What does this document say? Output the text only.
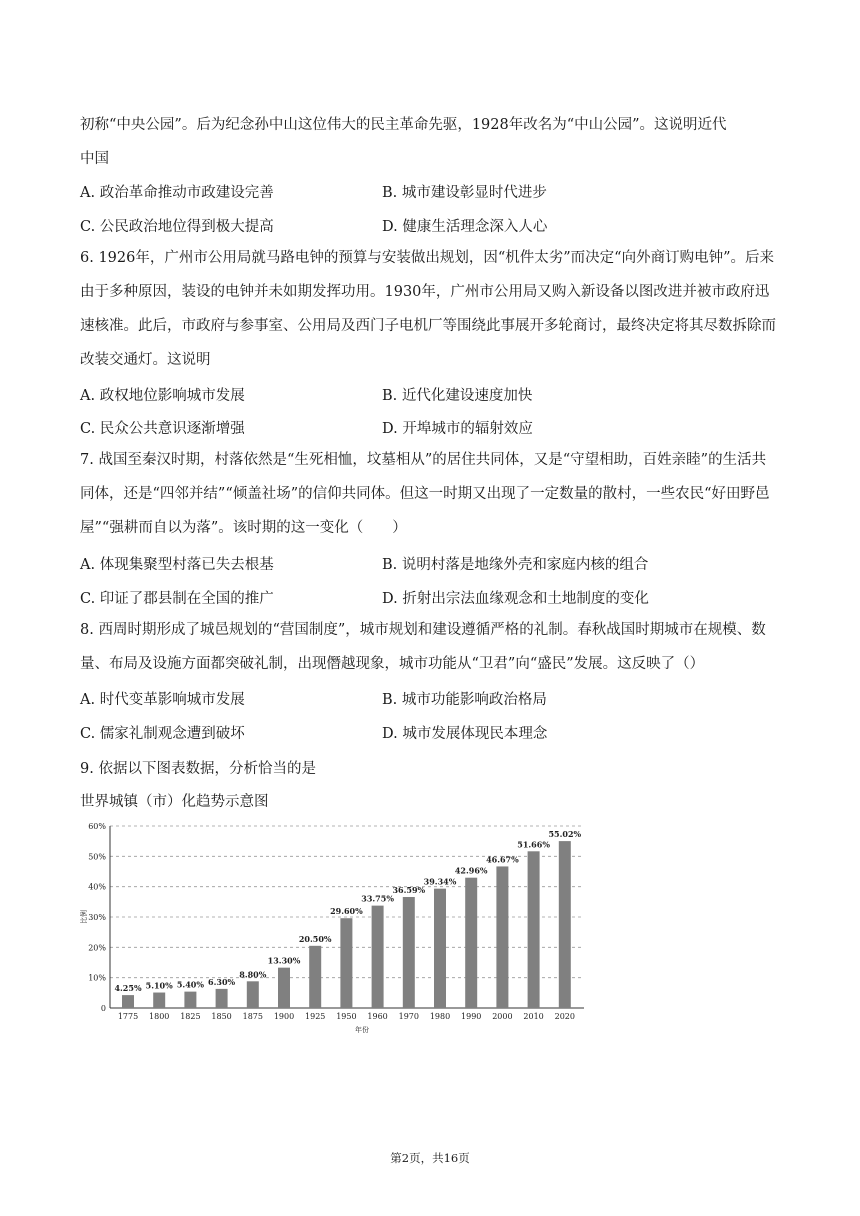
初称“中央公园”。后为纪念孙中山这位伟大的民主革命先驱，1928年改名为“中山公园”。这说明近代
中国
A. 政治革命推动市政建设完善	B. 城市建设彰显时代进步
C. 公民政治地位得到极大提高	D. 健康生活理念深入人心
6. 1926年，广州市公用局就马路电钟的预算与安装做出规划，因“机件太劣”而决定“向外商订购电钟”。后来由于多种原因，装设的电钟并未如期发挥功用。1930年，广州市公用局又购入新设备以图改进并被市政府迅速核准。此后，市政府与参事室、公用局及西门子电机厂等围绕此事展开多轮商讨，最终决定将其尽数拆除而改装交通灯。这说明
A. 政权地位影响城市发展	B. 近代化建设速度加快
C. 民众公共意识逐渐增强	D. 开埠城市的辐射效应
7. 战国至秦汉时期，村落依然是“生死相恤，坟墓相从”的居住共同体，又是“守望相助，百姓亲睦”的生活共同体，还是“四邻并结”“倾盖社场”的信仰共同体。但这一时期又出现了一定数量的散村，一些农民“好田野邑屋”“强耕而自以为落”。该时期的这一变化（　　）
A. 体现集聚型村落已失去根基	B. 说明村落是地缘外壳和家庭内核的组合
C. 印证了郡县制在全国的推广	D. 折射出宗法血缘观念和土地制度的变化
8. 西周时期形成了城邑规划的“营国制度”，城市规划和建设遵循严格的礼制。春秋战国时期城市在规模、数量、布局及设施方面都突破礼制，出现僭越现象，城市功能从“卫君”向“盛民”发展。这反映了（）
A. 时代变革影响城市发展	B. 城市功能影响政治格局
C. 儒家礼制观念遭到破坏	D. 城市发展体现民本理念
9. 依据以下图表数据，分析恰当的是
世界城镇（市）化趋势示意图
0
10%
20%
30%
40%
50%
60%
4.25%
1775
5.10%
1800
5.40%
1825
6.30%
1850
8.80%
1875
13.30%
1900
20.50%
1925
29.60%
1950
33.75%
1960
36.59%
1970
39.34%
1980
42.96%
1990
46.67%
2000
51.66%
2010
55.02%
2020
年份
比例
第2页，共16页
